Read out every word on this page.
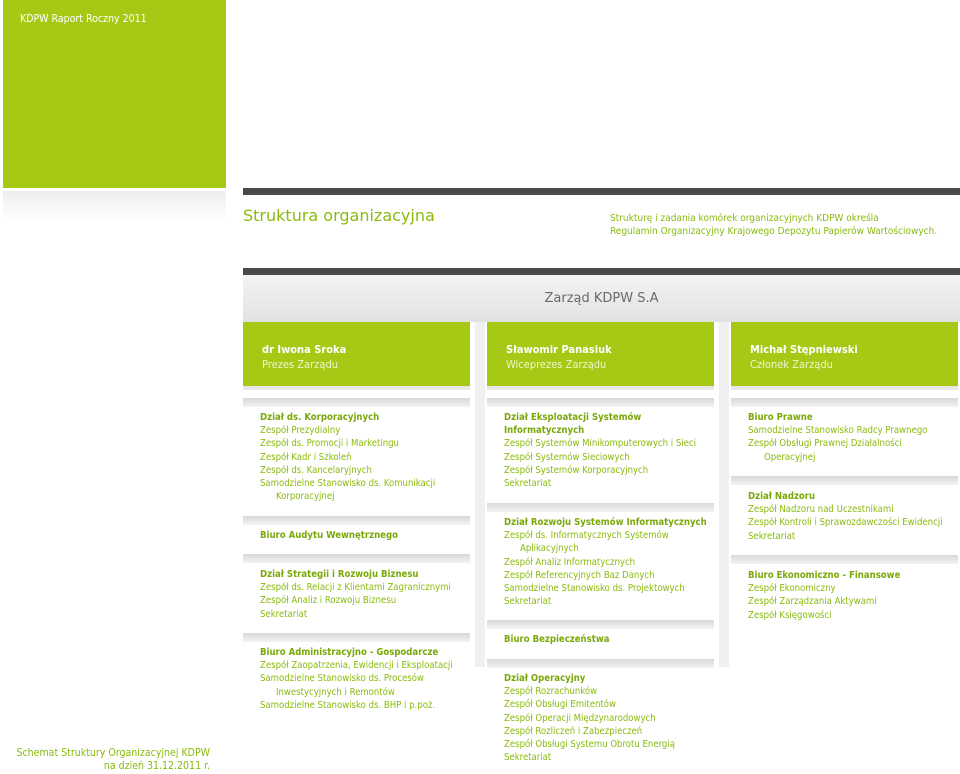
KDPW Raport Roczny 2011
Struktura organizacyjna	Strukturę i zadania komórek organizacyjnych KDPW określa
Regulamin Organizacyjny Krajowego Depozytu Papierów Wartościowych.
Zarząd KDPW S.A
dr Iwona Sroka
Prezes Zarządu
Sławomir Panasiuk
Wiceprezes Zarządu
Michał Stępniewski
Członek Zarządu
Dział ds. Korporacyjnych
Zespół Prezydialny
Zespół ds. Promocji i Marketingu
Zespół Kadr i Szkoleń
Zespół ds. Kancelaryjnych
Samodzielne Stanowisko ds. Komunikacji
Korporacyjnej
Biuro Audytu Wewnętrznego
Dział Strategii i Rozwoju Biznesu
Zespół ds. Relacji z Klientami Zagranicznymi
Zespół Analiz i Rozwoju Biznesu
Sekretariat
Biuro Administracyjno - Gospodarcze
Zespół Zaopatrzenia, Ewidencji i Eksploatacji
Samodzielne Stanowisko ds. Procesów
Inwestycyjnych i Remontów
Samodzielne Stanowisko ds. BHP i p.poż.
Dział Eksploatacji Systemów
Informatycznych
Zespół Systemów Minikomputerowych i Sieci
Zespół Systemów Sieciowych
Zespół Systemów Korporacyjnych
Sekretariat
Dział Rozwoju Systemów Informatycznych
Zespół ds. Informatycznych Systemów
Aplikacyjnych
Zespół Analiz Informatycznych
Zespół Referencyjnych Baz Danych
Samodzielne Stanowisko ds. Projektowych
Sekretariat
Biuro Bezpieczeństwa
Dział Operacyjny
Zespół Rozrachunków
Zespół Obsługi Emitentów
Zespół Operacji Międzynarodowych
Zespół Rozliczeń i Zabezpieczeń
Zespół Obsługi Systemu Obrotu Energią
Sekretariat
Biuro Prawne
Samodzielne Stanowisko Radcy Prawnego
Zespół Obsługi Prawnej Działalności
Operacyjnej
Dział Nadzoru
Zespół Nadzoru nad Uczestnikami
Zespół Kontroli i Sprawozdawczości Ewidencji
Sekretariat
Biuro Ekonomiczno - Finansowe
Zespół Ekonomiczny
Zespół Zarządzania Aktywami
Zespół Księgowości
Schemat Struktury Organizacyjnej KDPW
na dzień 31.12.2011 r.
